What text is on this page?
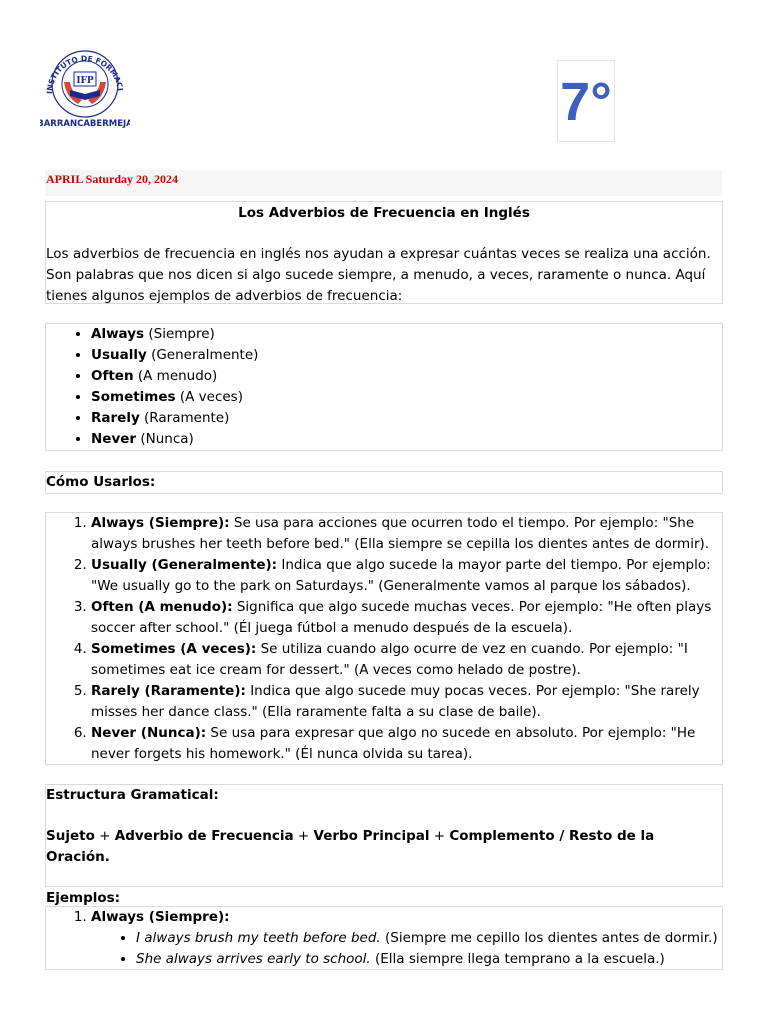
INSTITUTO DE FORMACI
IFP
BARRANCABERMEJA	7°
APRIL Saturday 20, 2024
Los Adverbios de Frecuencia en Inglés
Los adverbios de frecuencia en inglés nos ayudan a expresar cuántas veces se realiza una acción. Son palabras que nos dicen si algo sucede siempre, a menudo, a veces, raramente o nunca. Aquí tienes algunos ejemplos de adverbios de frecuencia:
• Always (Siempre)
• Usually (Generalmente)
• Often (A menudo)
• Sometimes (A veces)
• Rarely (Raramente)
• Never (Nunca)
Cómo Usarlos:
1. Always (Siempre): Se usa para acciones que ocurren todo el tiempo. Por ejemplo: "She always brushes her teeth before bed." (Ella siempre se cepilla los dientes antes de dormir).
2. Usually (Generalmente): Indica que algo sucede la mayor parte del tiempo. Por ejemplo: "We usually go to the park on Saturdays." (Generalmente vamos al parque los sábados).
3. Often (A menudo): Significa que algo sucede muchas veces. Por ejemplo: "He often plays soccer after school." (Él juega fútbol a menudo después de la escuela).
4. Sometimes (A veces): Se utiliza cuando algo ocurre de vez en cuando. Por ejemplo: "I sometimes eat ice cream for dessert." (A veces como helado de postre).
5. Rarely (Raramente): Indica que algo sucede muy pocas veces. Por ejemplo: "She rarely misses her dance class." (Ella raramente falta a su clase de baile).
6. Never (Nunca): Se usa para expresar que algo no sucede en absoluto. Por ejemplo: "He never forgets his homework." (Él nunca olvida su tarea).
Estructura Gramatical:
Sujeto + Adverbio de Frecuencia + Verbo Principal + Complemento / Resto de la Oración.
Ejemplos:
1. Always (Siempre):
• I always brush my teeth before bed. (Siempre me cepillo los dientes antes de dormir.)
• She always arrives early to school. (Ella siempre llega temprano a la escuela.)
